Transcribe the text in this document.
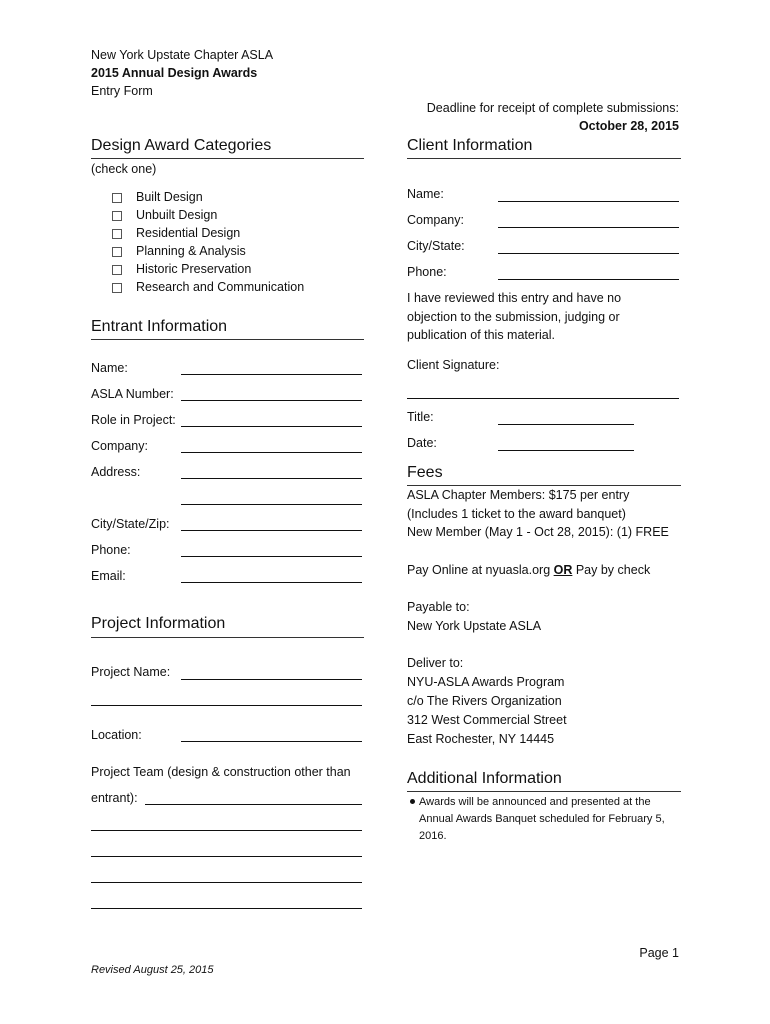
New York Upstate Chapter ASLA
2015 Annual Design Awards
Entry Form
Deadline for receipt of complete submissions:
October 28, 2015
Design Award Categories
(check one)
Built Design
Unbuilt Design
Residential Design
Planning & Analysis
Historic Preservation
Research and Communication
Entrant Information
Name:
ASLA Number:
Role in Project:
Company:
Address:
City/State/Zip:
Phone:
Email:
Project Information
Project Name:
Location:
Project Team (design & construction other than
entrant):
Client Information
Name:
Company:
City/State:
Phone:
I have reviewed this entry and have no
objection to the submission, judging or
publication of this material.
Client Signature:
Title:
Date:
Fees
ASLA Chapter Members: $175 per entry
(Includes 1 ticket to the award banquet)
New Member (May 1 - Oct 28, 2015): (1) FREE
Pay Online at nyuasla.org OR Pay by check
Payable to:
New York Upstate ASLA
Deliver to:
NYU-ASLA Awards Program
c/o The Rivers Organization
312 West Commercial Street
East Rochester, NY 14445
Additional Information
Awards will be announced and presented at the
Annual Awards Banquet scheduled for February 5,
2016.
Page 1
Revised August 25, 2015
